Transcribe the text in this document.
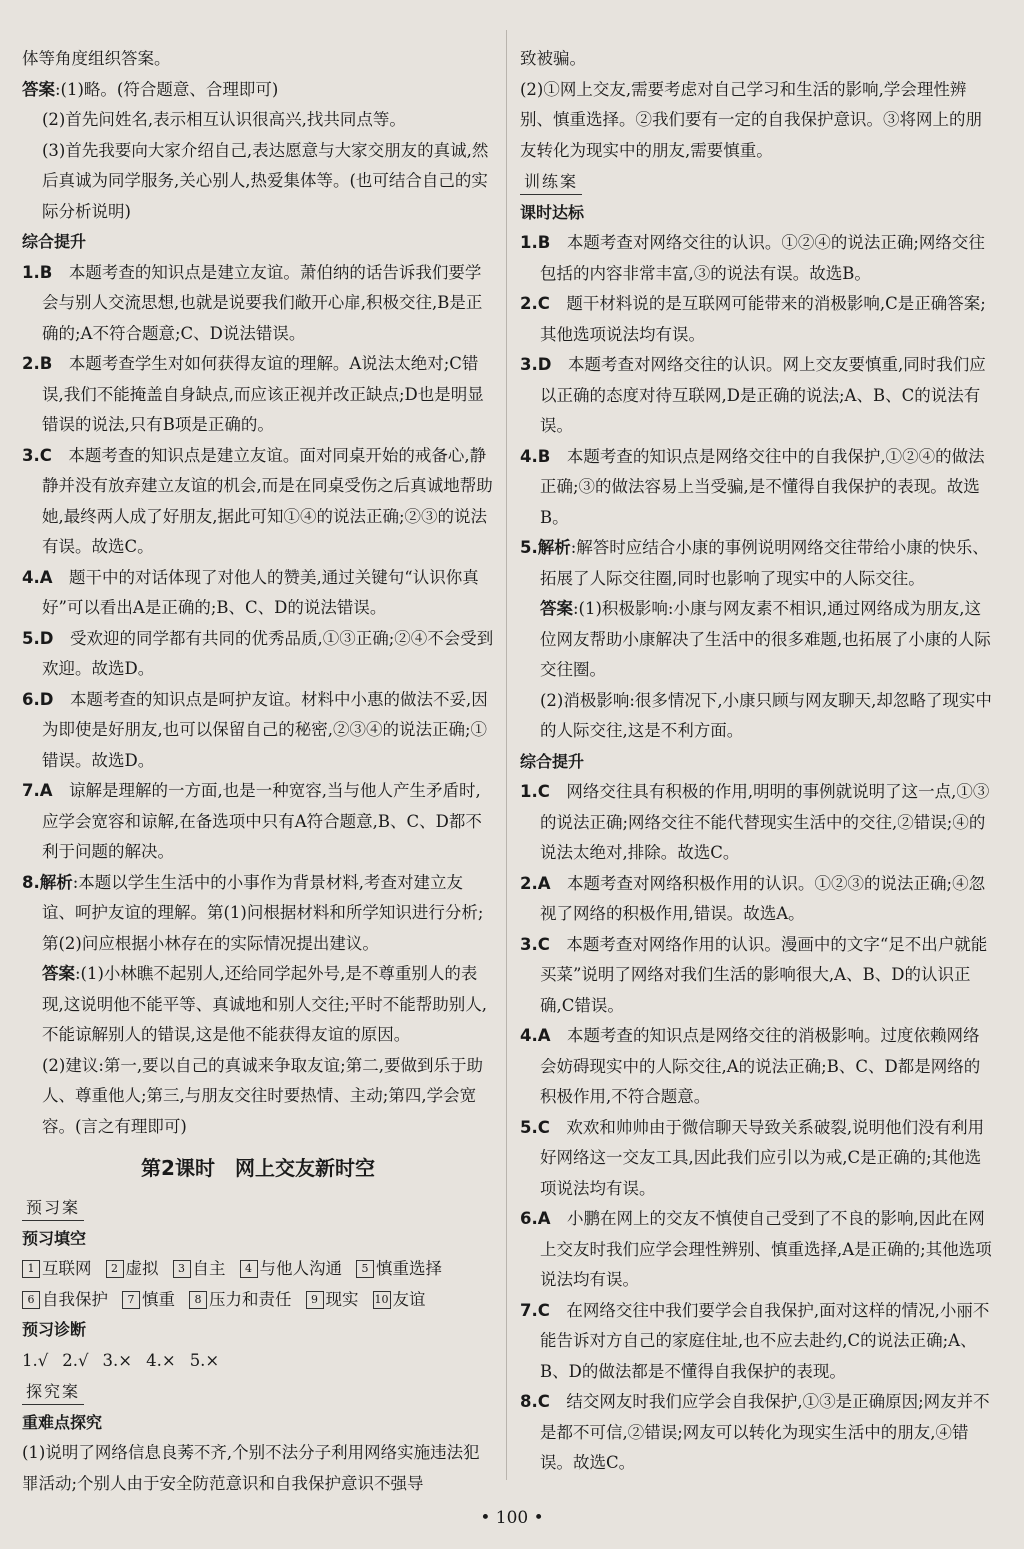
体等角度组织答案。

答案:(1)略。(符合题意、合理即可)

(2)首先问姓名,表示相互认识很高兴,找共同点等。

(3)首先我要向大家介绍自己,表达愿意与大家交朋友的真诚,然后真诚为同学服务,关心别人,热爱集体等。(也可结合自己的实际分析说明)

综合提升

1.B　 本题考查的知识点是建立友谊。萧伯纳的话告诉我们要学会与别人交流思想,也就是说要我们敞开心扉,积极交往,B是正确的;A不符合题意;C、D说法错误。

2.B　 本题考查学生对如何获得友谊的理解。A说法太绝对;C错误,我们不能掩盖自身缺点,而应该正视并改正缺点;D也是明显错误的说法,只有B项是正确的。

3.C　 本题考查的知识点是建立友谊。面对同桌开始的戒备心,静静并没有放弃建立友谊的机会,而是在同桌受伤之后真诚地帮助她,最终两人成了好朋友,据此可知①④的说法正确;②③的说法有误。故选C。

4.A　 题干中的对话体现了对他人的赞美,通过关键句“认识你真好”可以看出A是正确的;B、C、D的说法错误。

5.D　 受欢迎的同学都有共同的优秀品质,①③正确;②④不会受到欢迎。故选D。

6.D　 本题考查的知识点是呵护友谊。材料中小惠的做法不妥,因为即使是好朋友,也可以保留自己的秘密,②③④的说法正确;①错误。故选D。

7.A　 谅解是理解的一方面,也是一种宽容,当与他人产生矛盾时,应学会宽容和谅解,在备选项中只有A符合题意,B、C、D都不利于问题的解决。

8.解析:本题以学生生活中的小事作为背景材料,考查对建立友谊、呵护友谊的理解。第(1)问根据材料和所学知识进行分析;第(2)问应根据小林存在的实际情况提出建议。

答案:(1)小林瞧不起别人,还给同学起外号,是不尊重别人的表现,这说明他不能平等、真诚地和别人交往;平时不能帮助别人,不能谅解别人的错误,这是他不能获得友谊的原因。

(2)建议:第一,要以自己的真诚来争取友谊;第二,要做到乐于助人、尊重他人;第三,与朋友交往时要热情、主动;第四,学会宽容。(言之有理即可)

第2课时　网上交友新时空

预习案

预习填空

1 互联网	2 虚拟	3 自主	4 与他人沟通	5 慎重选择
6 自我保护	7 慎重	8 压力和责任	9 现实 10 友谊

预习诊断

1.√ 2.√ 3.× 4.× 5.×
探究案

重难点探究

(1)说明了网络信息良莠不齐,个别不法分子利用网络实施违法犯罪活动;个别人由于安全防范意识和自我保护意识不强导

致被骗。

(2)①网上交友,需要考虑对自己学习和生活的影响,学会理性辨别、慎重选择。②我们要有一定的自我保护意识。③将网上的朋友转化为现实中的朋友,需要慎重。

训练案

课时达标

1.B　 本题考查对网络交往的认识。①②④的说法正确;网络交往包括的内容非常丰富,③的说法有误。故选B。

2.C　 题干材料说的是互联网可能带来的消极影响,C是正确答案;其他选项说法均有误。

3.D　 本题考查对网络交往的认识。网上交友要慎重,同时我们应以正确的态度对待互联网,D是正确的说法;A、B、C的说法有误。

4.B　 本题考查的知识点是网络交往中的自我保护,①②④的做法正确;③的做法容易上当受骗,是不懂得自我保护的表现。故选B。

5.解析:解答时应结合小康的事例说明网络交往带给小康的快乐、拓展了人际交往圈,同时也影响了现实中的人际交往。

答案:(1)积极影响:小康与网友素不相识,通过网络成为朋友,这位网友帮助小康解决了生活中的很多难题,也拓展了小康的人际交往圈。

(2)消极影响:很多情况下,小康只顾与网友聊天,却忽略了现实中的人际交往,这是不利方面。

综合提升

1.C　 网络交往具有积极的作用,明明的事例就说明了这一点,①③的说法正确;网络交往不能代替现实生活中的交往,②错误;④的说法太绝对,排除。故选C。

2.A　 本题考查对网络积极作用的认识。①②③的说法正确;④忽视了网络的积极作用,错误。故选A。

3.C　 本题考查对网络作用的认识。漫画中的文字“足不出户就能买菜”说明了网络对我们生活的影响很大,A、B、D的认识正确,C错误。

4.A　 本题考查的知识点是网络交往的消极影响。过度依赖网络会妨碍现实中的人际交往,A的说法正确;B、C、D都是网络的积极作用,不符合题意。

5.C　 欢欢和帅帅由于微信聊天导致关系破裂,说明他们没有利用好网络这一交友工具,因此我们应引以为戒,C是正确的;其他选项说法均有误。

6.A　 小鹏在网上的交友不慎使自己受到了不良的影响,因此在网上交友时我们应学会理性辨别、慎重选择,A是正确的;其他选项说法均有误。

7.C　 在网络交往中我们要学会自我保护,面对这样的情况,小丽不能告诉对方自己的家庭住址,也不应去赴约,C的说法正确;A、B、D的做法都是不懂得自我保护的表现。

8.C　 结交网友时我们应学会自我保护,①③是正确原因;网友并不是都不可信,②错误;网友可以转化为现实生活中的朋友,④错误。故选C。

• 100 •
